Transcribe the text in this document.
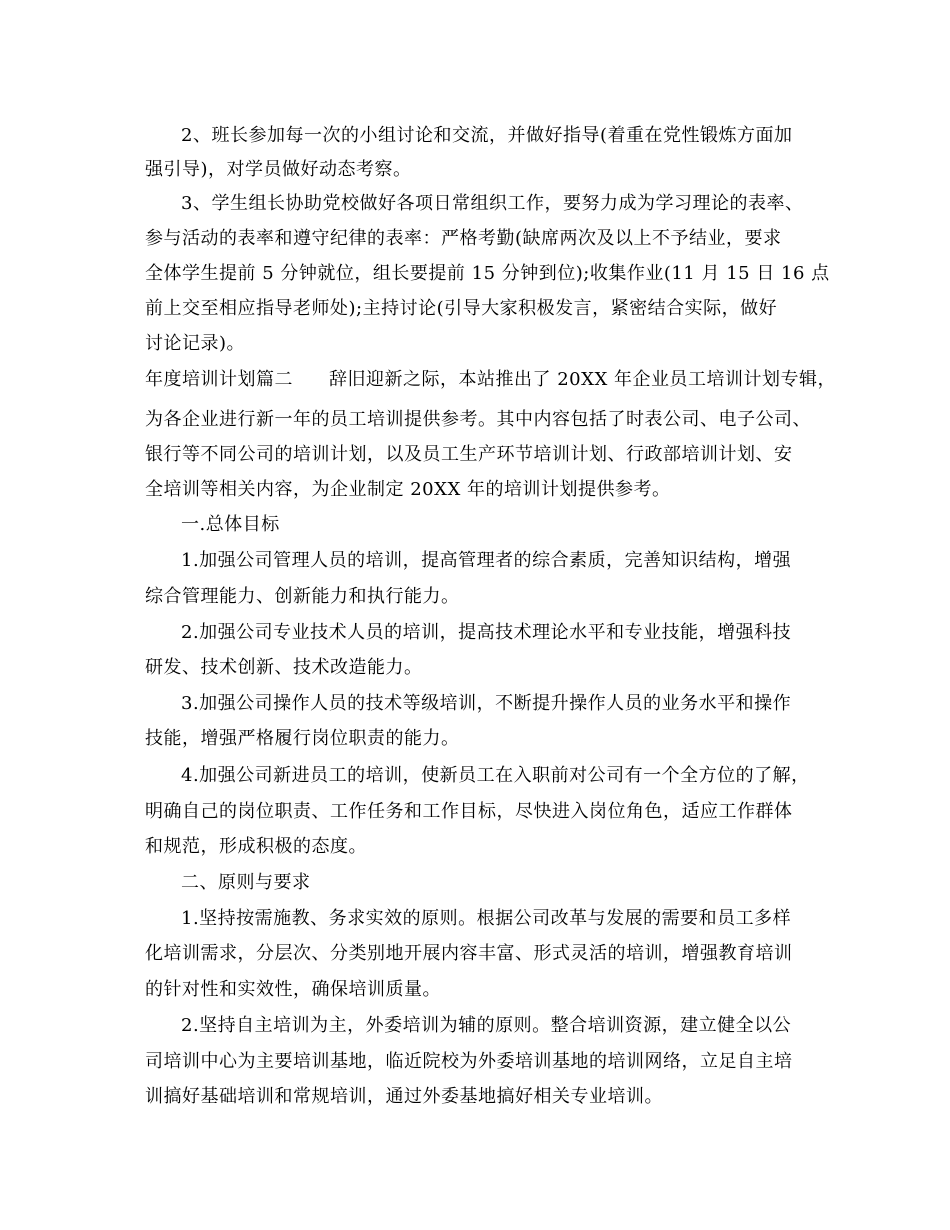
2、班长参加每一次的小组讨论和交流，并做好指导(着重在党性锻炼方面加
强引导)，对学员做好动态考察。
3、学生组长协助党校做好各项日常组织工作，要努力成为学习理论的表率、
参与活动的表率和遵守纪律的表率：严格考勤(缺席两次及以上不予结业，要求
全体学生提前 5 分钟就位，组长要提前 15 分钟到位);收集作业(11 月 15 日 16 点
前上交至相应指导老师处);主持讨论(引导大家积极发言，紧密结合实际，做好
讨论记录)。
年度培训计划篇二 辞旧迎新之际，本站推出了 20XX 年企业员工培训计划专辑，
为各企业进行新一年的员工培训提供参考。其中内容包括了时表公司、电子公司、
银行等不同公司的培训计划，以及员工生产环节培训计划、行政部培训计划、安
全培训等相关内容，为企业制定 20XX 年的培训计划提供参考。
一.总体目标
1.加强公司管理人员的培训，提高管理者的综合素质，完善知识结构，增强
综合管理能力、创新能力和执行能力。
2.加强公司专业技术人员的培训，提高技术理论水平和专业技能，增强科技
研发、技术创新、技术改造能力。
3.加强公司操作人员的技术等级培训，不断提升操作人员的业务水平和操作
技能，增强严格履行岗位职责的能力。
4.加强公司新进员工的培训，使新员工在入职前对公司有一个全方位的了解，
明确自己的岗位职责、工作任务和工作目标，尽快进入岗位角色，适应工作群体
和规范，形成积极的态度。
二、原则与要求
1.坚持按需施教、务求实效的原则。根据公司改革与发展的需要和员工多样
化培训需求，分层次、分类别地开展内容丰富、形式灵活的培训，增强教育培训
的针对性和实效性，确保培训质量。
2.坚持自主培训为主，外委培训为辅的原则。整合培训资源，建立健全以公
司培训中心为主要培训基地，临近院校为外委培训基地的培训网络，立足自主培
训搞好基础培训和常规培训，通过外委基地搞好相关专业培训。
